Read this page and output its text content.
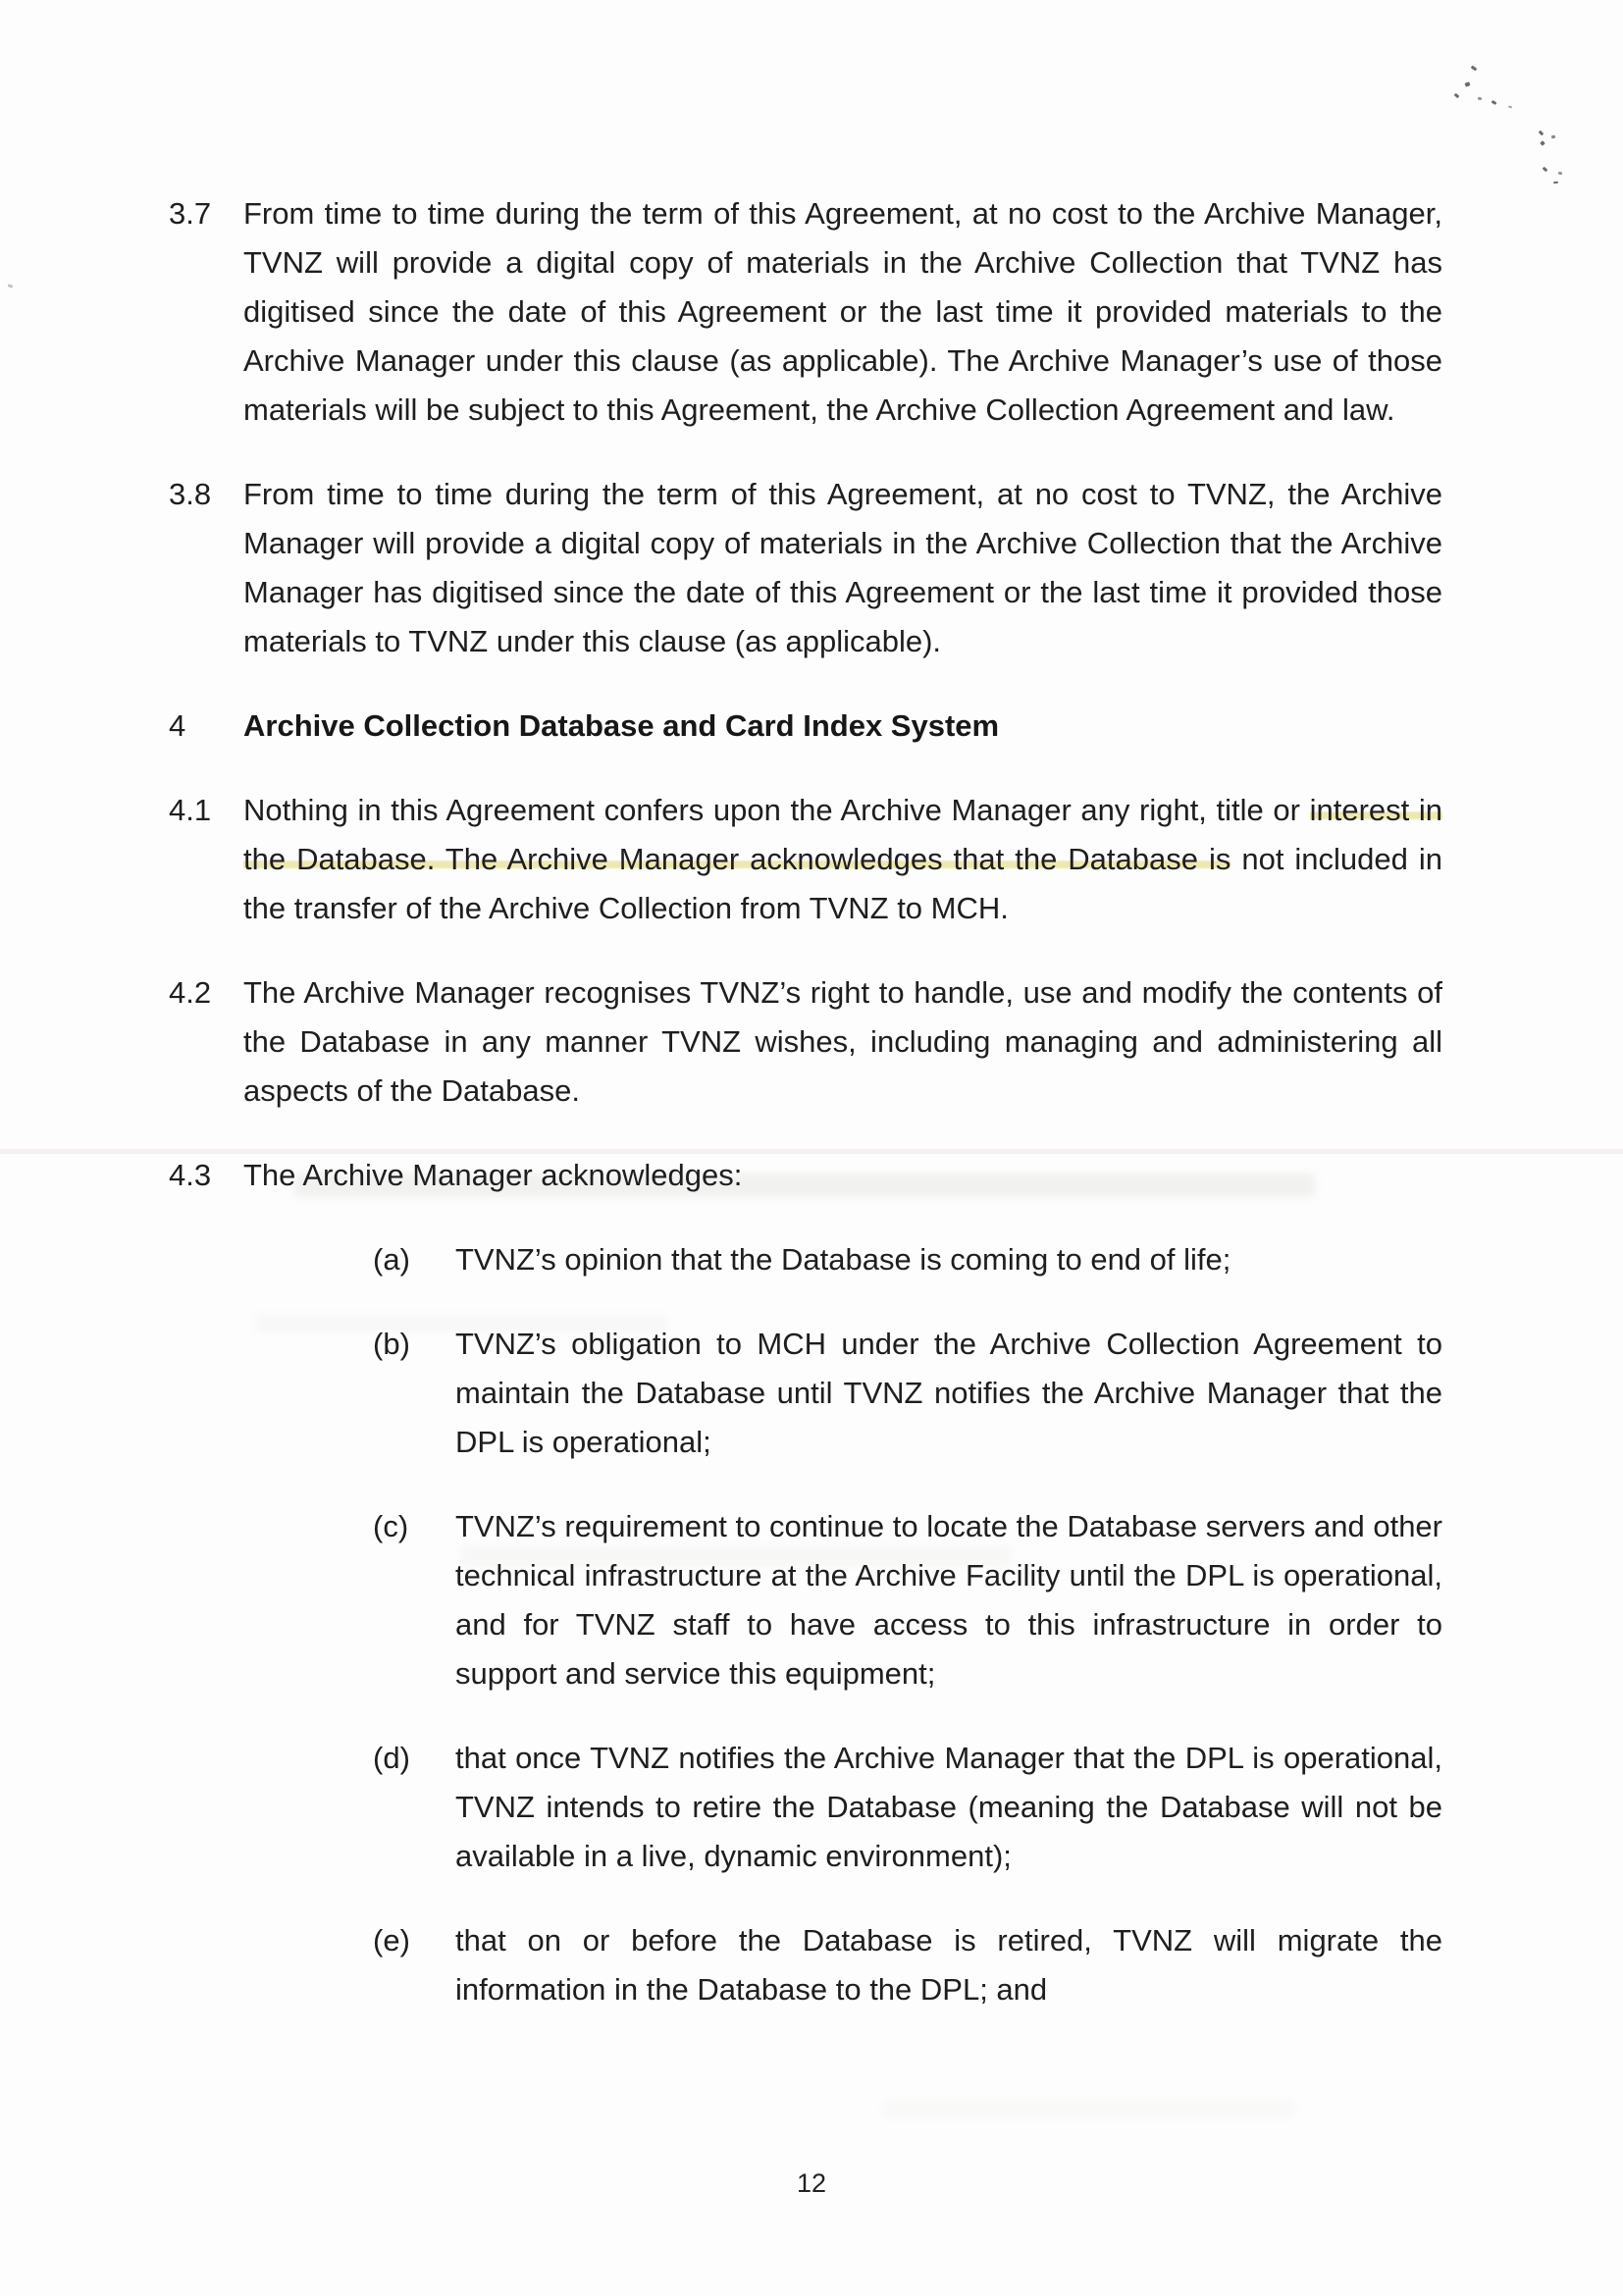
3.7	From time to time during the term of this Agreement, at no cost to the Archive Manager, TVNZ will provide a digital copy of materials in the Archive Collection that TVNZ has digitised since the date of this Agreement or the last time it provided materials to the Archive Manager under this clause (as applicable). The Archive Manager’s use of those materials will be subject to this Agreement, the Archive Collection Agreement and law.
3.8	From time to time during the term of this Agreement, at no cost to TVNZ, the Archive Manager will provide a digital copy of materials in the Archive Collection that the Archive Manager has digitised since the date of this Agreement or the last time it provided those materials to TVNZ under this clause (as applicable).
4	Archive Collection Database and Card Index System
4.1	Nothing in this Agreement confers upon the Archive Manager any right, title or interest in the Database. The Archive Manager acknowledges that the Database is not included in the transfer of the Archive Collection from TVNZ to MCH.
4.2	The Archive Manager recognises TVNZ’s right to handle, use and modify the contents of the Database in any manner TVNZ wishes, including managing and administering all aspects of the Database.
4.3	The Archive Manager acknowledges:
(a)	TVNZ’s opinion that the Database is coming to end of life;
(b)	TVNZ’s obligation to MCH under the Archive Collection Agreement to maintain the Database until TVNZ notifies the Archive Manager that the DPL is operational;
(c)	TVNZ’s requirement to continue to locate the Database servers and other technical infrastructure at the Archive Facility until the DPL is operational, and for TVNZ staff to have access to this infrastructure in order to support and service this equipment;
(d)	that once TVNZ notifies the Archive Manager that the DPL is operational, TVNZ intends to retire the Database (meaning the Database will not be available in a live, dynamic environment);
(e)	that on or before the Database is retired, TVNZ will migrate the information in the Database to the DPL; and
12
